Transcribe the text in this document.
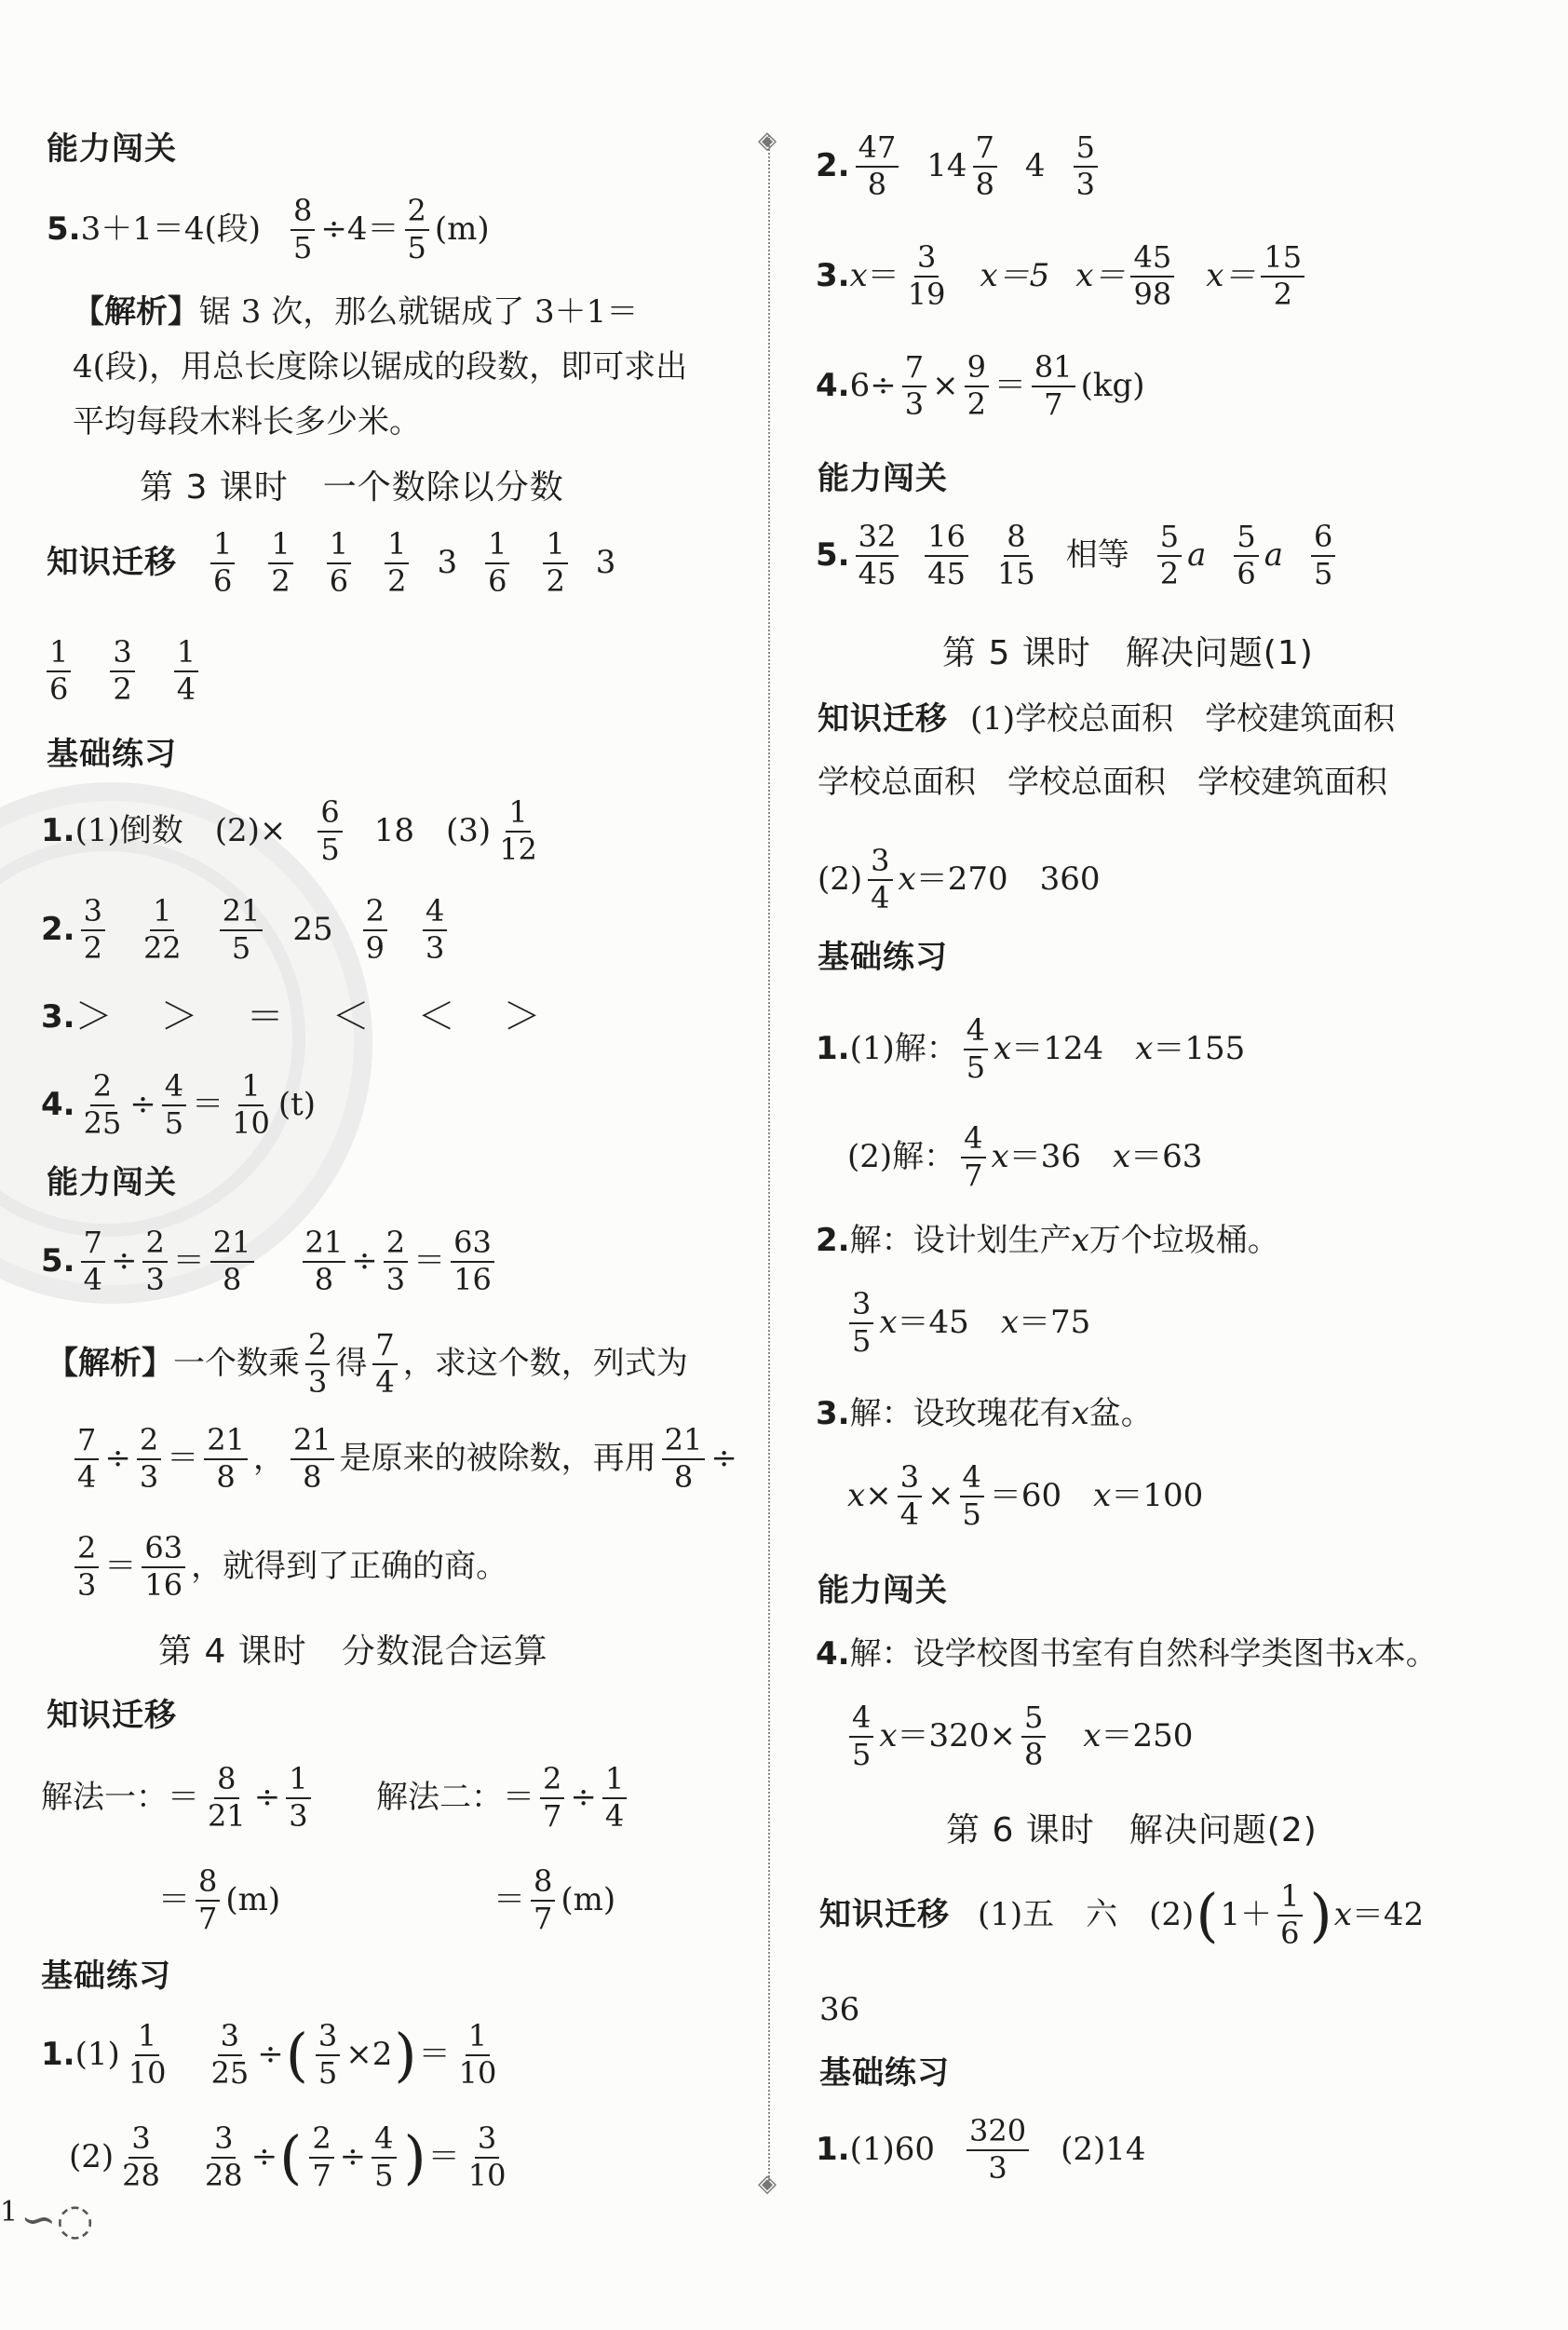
◈
◈
能力闯关
5. 3＋1＝4(段) $\frac{8}{5} \div 4=$
2
5 (m)
【解析】锯 3 次，那么就锯成了 3＋1＝
4(段)，用总长度除以锯成的段数，即可求出
平均每段木料长多少米。
第 3 课时　一个数除以分数
知识迁移
1
6
1
2
1
6
1
2 3
1
6
1
2 3
1
6
3
2
1
4
基础练习
1. (1)倒数　(2)×
6
5 18　(3)
1
12
2.
3
2
1
22
21
5 25
2
9
4
3
3. ＞　＞　＝　＜　＜　＞
4. $\frac{2}{25} \div \frac{4}{5}$ ＝
1
10 (t)
能力闯关
5. $\frac{7}{4} \div \frac{2}{3}$ ＝
21
$8 \frac{21}{8} \div \frac{2}{3}$ ＝
63
16
【解析】 一个数乘
2
3 得
7
4 ，求这个数，列式为
$\frac{7}{4} \div \frac{2}{3}$ ＝
21
8 ，
21
8 是原来的被除数，再用 $\frac{21}{8}$ ÷
2
3 ＝
63
16 ，就得到了正确的商。
第 4 课时　分数混合运算
知识迁移
解法一：＝ $\frac{8}{21} \div \frac{1}{3}$ 解法二：＝ $\frac{2}{7} \div \frac{1}{4}$
＝
8
7 (m)	＝
8
7 (m)
基础练习
1. (1)
1
$10 \frac{3}{25}$ ÷ ( $\frac{3}{5} \times 2$ ) ＝
1
10
(2)
3
$28 \frac{3}{28}$ ÷ ( $\frac{2}{7} \div \frac{4}{5}$ ) ＝
3
10
1 ∽◌
2.
47
8 14
7
8 4
5
3
3. x ＝
3
19 x＝5 x＝
45
98 x＝
15
2
4. $6\div \frac{7}{3} \times \frac{9}{2}$ ＝
81
7 (kg)
能力闯关
5.
32
45
16
45
8
15 相等
5
2 a
5
6 a
6
5
第 5 课时　解决问题(1)
知识迁移 (1)学校总面积　学校建筑面积
学校总面积　学校总面积　学校建筑面积
(2)
3
4 x ＝270　360
基础练习
1. (1)解：
4
5 x ＝124　 x ＝155
(2)解：
4
7 x ＝36　 x ＝63
2. 解：设计划生产 x 万个垃圾桶。
3
5 x ＝45　 x ＝75
3. 解：设玫瑰花有 x 盆。
$x \times \frac{3}{4} \times \frac{4}{5} =60$　 x ＝100
能力闯关
4. 解：设学校图书室有自然科学类图书 x 本。
4
5 $x =320\times \frac{5}{8}$
　 x ＝250
第 6 课时　解决问题(2)
知识迁移 (1)五　六　(2) ( 1＋
1
6 ) x ＝42
36
基础练习
1. (1)60
320
3 (2)14
